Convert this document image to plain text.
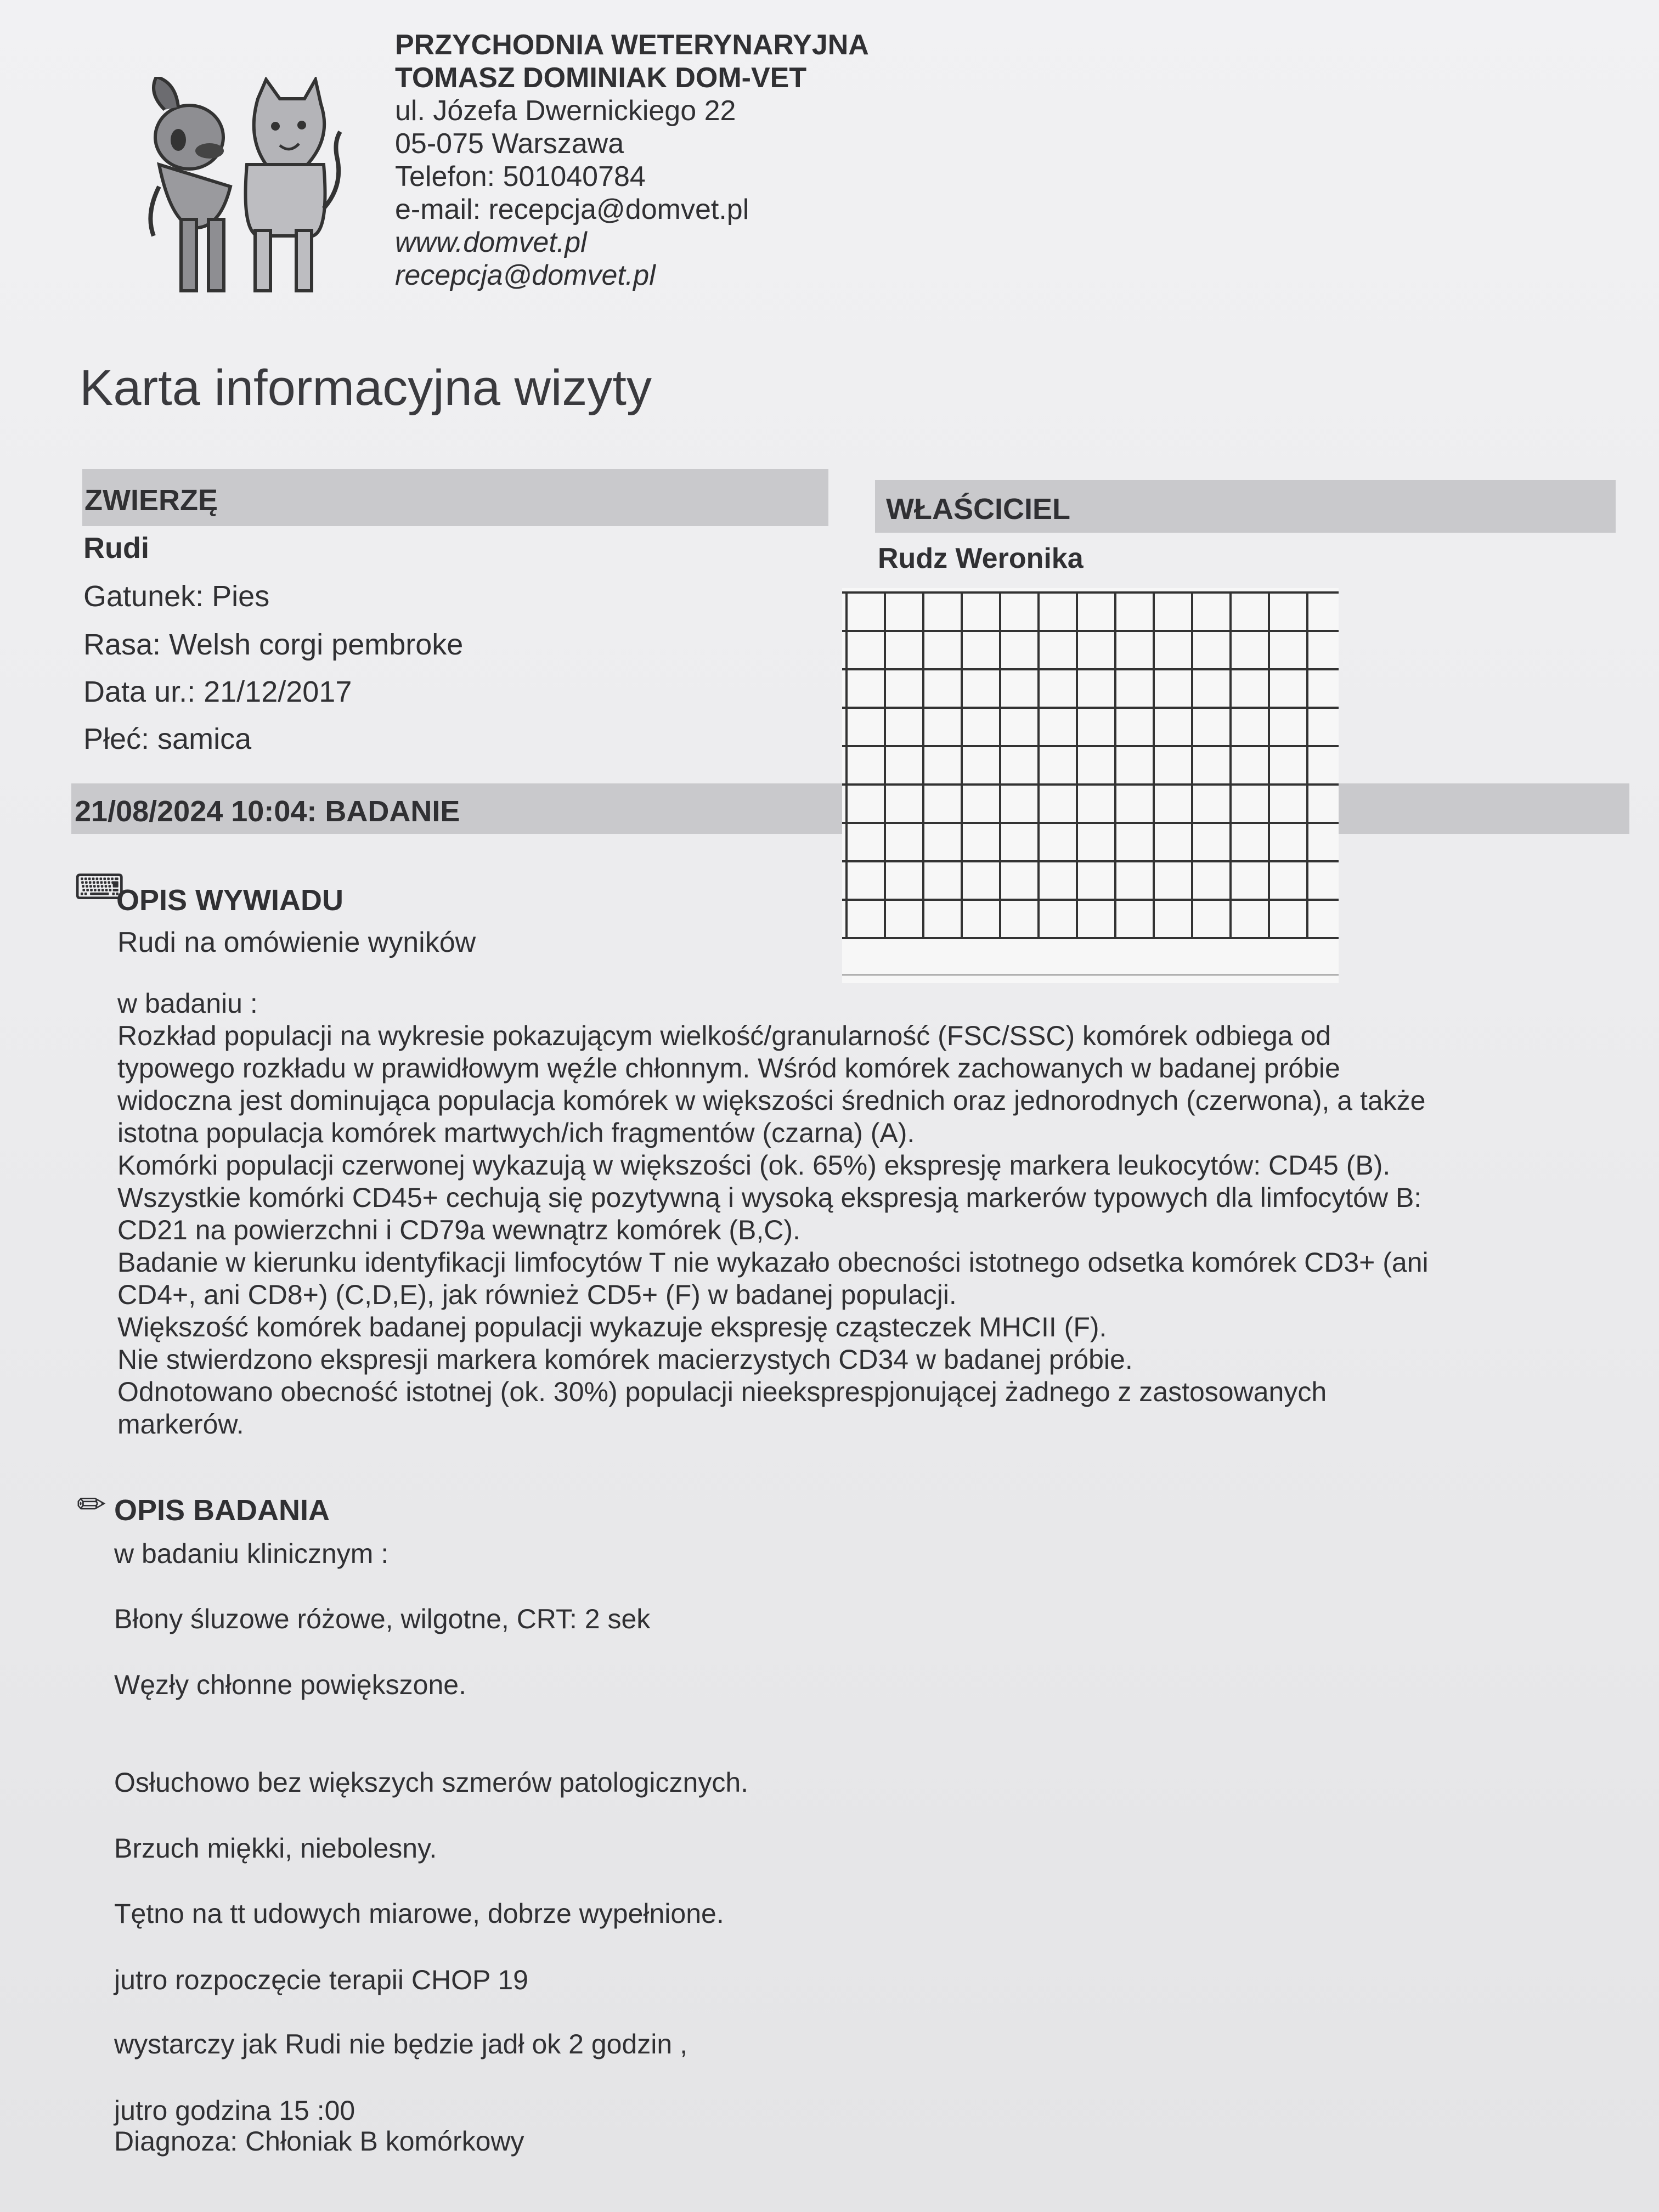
PRZYCHODNIA WETERYNARYJNA
TOMASZ DOMINIAK DOM-VET
ul. Józefa Dwernickiego 22
05-075 Warszawa
Telefon: 501040784
e-mail: recepcja@domvet.pl
www.domvet.pl
recepcja@domvet.pl
Karta informacyjna wizyty
ZWIERZĘ	WŁAŚCICIEL
Rudi
Gatunek: Pies
Rasa: Welsh corgi pembroke
Data ur.: 21/12/2017
Płeć: samica
Rudz Weronika
21/08/2024 10:04: BADANIE
⌨
OPIS WYWIADU
Rudi na omówienie wyników
w badaniu :
Rozkład populacji na wykresie pokazującym wielkość/granularność (FSC/SSC) komórek odbiega od
typowego rozkładu w prawidłowym węźle chłonnym. Wśród komórek zachowanych w badanej próbie
widoczna jest dominująca populacja komórek w większości średnich oraz jednorodnych (czerwona), a także
istotna populacja komórek martwych/ich fragmentów (czarna) (A).
Komórki populacji czerwonej wykazują w większości (ok. 65%) ekspresję markera leukocytów: CD45 (B).
Wszystkie komórki CD45+ cechują się pozytywną i wysoką ekspresją markerów typowych dla limfocytów B:
CD21 na powierzchni i CD79a wewnątrz komórek (B,C).
Badanie w kierunku identyfikacji limfocytów T nie wykazało obecności istotnego odsetka komórek CD3+ (ani
CD4+, ani CD8+) (C,D,E), jak również CD5+ (F) w badanej populacji.
Większość komórek badanej populacji wykazuje ekspresję cząsteczek MHCII (F).
Nie stwierdzono ekspresji markera komórek macierzystych CD34 w badanej próbie.
Odnotowano obecność istotnej (ok. 30%) populacji nieeksprespjonującej żadnego z zastosowanych
markerów.
✏ OPIS BADANIA
w badaniu klinicznym :
Błony śluzowe różowe, wilgotne, CRT: 2 sek
Węzły chłonne powiększone.
Osłuchowo bez większych szmerów patologicznych.
Brzuch miękki, niebolesny.
Tętno na tt udowych miarowe, dobrze wypełnione.
jutro rozpoczęcie terapii CHOP 19
wystarczy jak Rudi nie będzie jadł ok 2 godzin ,
jutro godzina 15 :00
Diagnoza: Chłoniak B komórkowy
